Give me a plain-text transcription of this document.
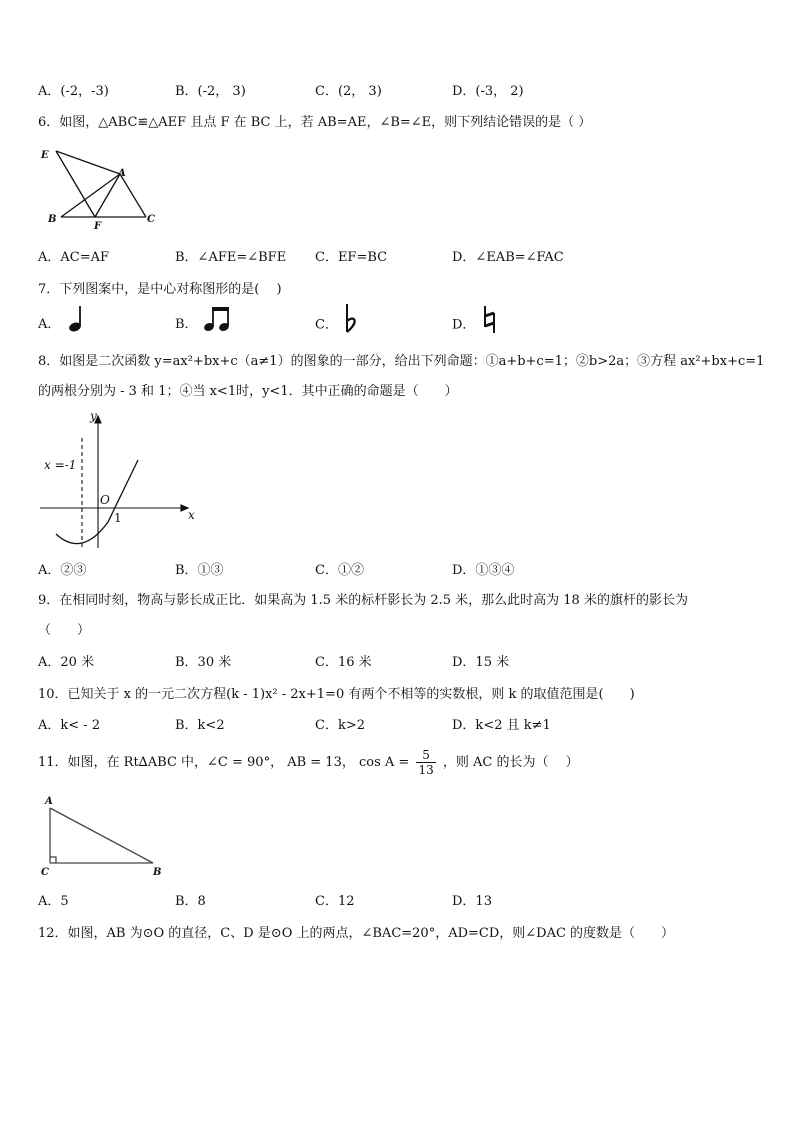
A．(-2，-3)	B．(-2， 3)	C．(2， 3)	D．(-3， 2)
6．如图，△ABC≌△AEF 且点 F 在 BC 上，若 AB=AE，∠B=∠E，则下列结论错误的是（ ）
E
A
B
F
C
A．AC=AF	B．∠AFE=∠BFE C．EF=BC	D．∠EAB=∠FAC
7．下列图案中，是中心对称图形的是(　 )
A．	B．	C．	D．
8．如图是二次函数 y=ax²+bx+c（a≠1）的图象的一部分，给出下列命题：①a+b+c=1；②b>2a；③方程 ax²+bx+c=1
的两根分别为 - 3 和 1；④当 x<1时，y<1．其中正确的命题是（　　）
y
x
x =-1
O
1
A．②③	B．①③	C．①②	D．①③④
9．在相同时刻，物高与影长成正比．如果高为 1.5 米的标杆影长为 2.5 米，那么此时高为 18 米的旗杆的影长为
（　　）
A．20 米	B．30 米	C．16 米	D．15 米
10．已知关于 x 的一元二次方程(k - 1)x² - 2x+1=0 有两个不相等的实数根，则 k 的取值范围是(　　)
A．k< - 2	B．k<2	C．k>2	D．k<2 且 k≠1
11．如图，在 Rt∆ABC 中，∠C = 90°， AB = 13， $\cos A = \frac{5}{13}$ ，则 AC 的长为（　 ）
A
C	B
A．5	B．8	C．12	D．13
12．如图，AB 为⊙O 的直径，C、D 是⊙O 上的两点，∠BAC=20°，AD=CD，则∠DAC 的度数是（　　）
